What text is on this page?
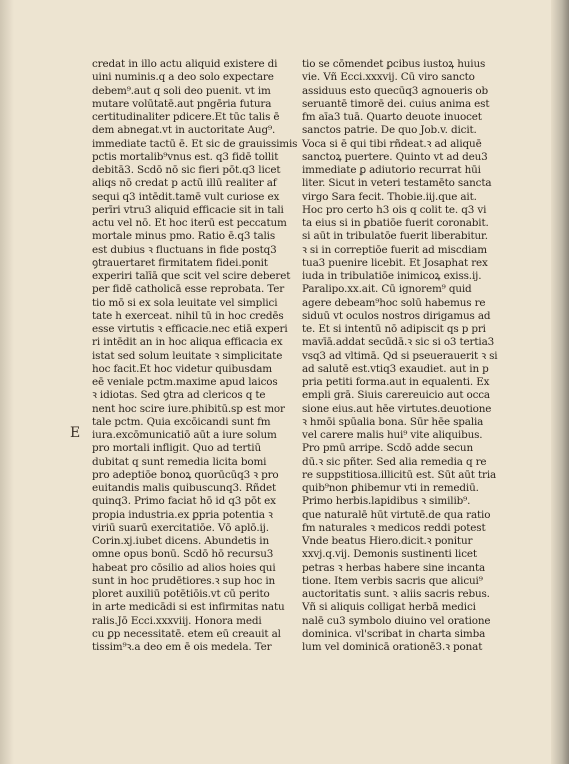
E
credat in illo actu aliquid existere di
uini numinis.q a deo solo expectare
debem⁹.aut q soli deo puenit. vt im
mutare volūtatē.aut pngēria futura
certitudinaliter pdicere.Et tūc talis ē
dem abnegat.vt in auctoritate Aug⁹.
immediate tactū ē. Et sic de grauissimis
pctis mortalib⁹vnus est. q3 fidē tollit
debitā3. Scdō nō sic fieri pōt.q3 licet
aliqs nō credat p actū illū realiter af
sequi q3 intēdit.tamē vult curiose ex
perīri vtru3 aliquid efficacie sit in tali
actu vel nō. Et hoc iterū est peccatum
mortale minus pmo. Ratio ē.q3 talis
est dubius ꝛ fluctuans in fide postq3
ꝯtrauertaret firmitatem fidei.ponit
experiri talīā que scit vel scire deberet
per fidē catholicā esse reprobata. Ter
tio mō si ex sola leuitate vel simplici
tate h exerceat. nihil tū in hoc credēs
esse virtutis ꝛ efficacie.nec etiā experi
ri intēdit an in hoc aliqua efficacia ex
istat sed solum leuitate ꝛ simplicitate
hoc facit.Et hoc videtur quibusdam
eē veniale pctm.maxime apud laicos
ꝛ idiotas. Sed ꝯtra ad clericos q te
nent hoc scire iure.phibitū.sp est mor
tale pctm. Quia excōicandi sunt fm
iura.excōmunicatiō aūt a iure solum
pro mortali infligit. Quo ad tertiū
dubitat q sunt remedia licita bomi
pro adeptiōe bonoꝝ quorūcūq3 ꝛ pro
euitandis malis quibuscunq3. Rñdet
quinq3. Primo faciat hō id q3 pōt ex
propia industria.ex ꝑpria potentia ꝛ
viriū suarū exercitatiōe. Vō aplō.ij.
Corin.xj.iubet dicens. Abundetis in
omne opus bonū. Scdō hō recursu3
habeat pro cōsilio ad alios hoies qui
sunt in hoc prudētiores.ꝛ sup hoc in
ploret auxiliū potētiōis.vt cū perito
in arte medicādi si est infirmitas natu
ralis.Jō Ecci.xxxviij. Honora medi
cu ꝑp necessitatē. etem eū creauit al
tissim⁹ꝛ.a deo em ē ois medela. Ter
tio se cōmendet ꝑcibus iustoꝝ huius
vie. Vñ Ecci.xxxvij. Cū viro sancto
assiduus esto quecūq3 agnoueris ob
seruantē timorē dei. cuius anima est
fm aīa3 tuā. Quarto deuote inuocet
sanctos patrie. De quo Job.v. dicit.
Voca si ē qui tibi rñdeat.ꝛ ad aliquē
sanctoꝝ puertere. Quinto vt ad deu3
immediate ꝑ adiutorio recurrat hūi
liter. Sicut in veteri testamēto sancta
virgo Sara fecit. Thobie.iij.que ait.
Hoc pro certo h3 ois q colit te. q3 vi
ta eius si in ꝑbatiōe fuerit coronabit.
si aūt in tribulatōe fuerit liberabitur.
ꝛ si in correptiōe fuerit ad miscdiam
tua3 puenire licebit. Et Josaphat rex
iuda in tribulatiōe inimicoꝝ exiss.ij.
Paralipo.xx.ait. Cū ignorem⁹ quid
agere debeam⁹hoc solū habemus re
siduū vt oculos nostros dirigamus ad
te. Et si intentū nō adipiscit qs p pri
mavīā.addat secūdā.ꝛ sic si o3 tertia3
vsq3 ad vltimā. Qd si pseuerauerit ꝛ si
ad salutē est.vtiq3 exaudiet. aut in p
pria petiti forma.aut in equalenti. Ex
empli grā. Siuis carereuicio aut occa
sione eius.aut hēe virtutes.deuotione
ꝛ hmōi spūalia bona. Sūr hēe spalia
vel carere malis hui⁹ vite aliquibus.
Pro pmū arripe. Scdō adde secun
dū.ꝛ sic pñter. Sed alia remedia q re
re suppstitiosa.illicitū est. Sūt aūt tria
quib⁹non ꝑhibemur vti in remediū.
Primo herbis.lapidibus ꝛ similib⁹.
que naturalē hūt virtutē.de qua ratio
fm naturales ꝛ medicos reddi potest
Vnde beatus Hiero.dicit.ꝛ ponitur
xxvj.q.vij. Demonis sustinenti licet
petras ꝛ herbas habere sine incanta
tione. Item verbis sacris que alicui⁹
auctoritatis sunt. ꝛ aliis sacris rebus.
Vñ si aliquis colligat herbā medici
nalē cu3 symbolo diuino vel oratione
dominica. vl'scribat in charta simba
lum vel dominicā orationē3.ꝛ ponat
